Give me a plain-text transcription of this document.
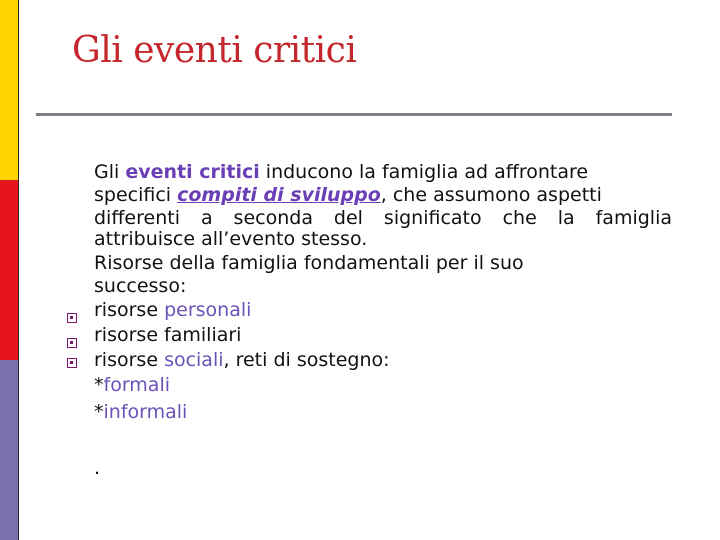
Gli eventi critici
Gli eventi critici inducono la famiglia ad affrontare
specifici compiti di sviluppo, che assumono aspetti
differenti a seconda del significato che la famiglia
attribuisce all’evento stesso.
Risorse della famiglia fondamentali per il suo
successo:
risorse personali
risorse familiari
risorse sociali, reti di sostegno:
*formali
*informali
.
